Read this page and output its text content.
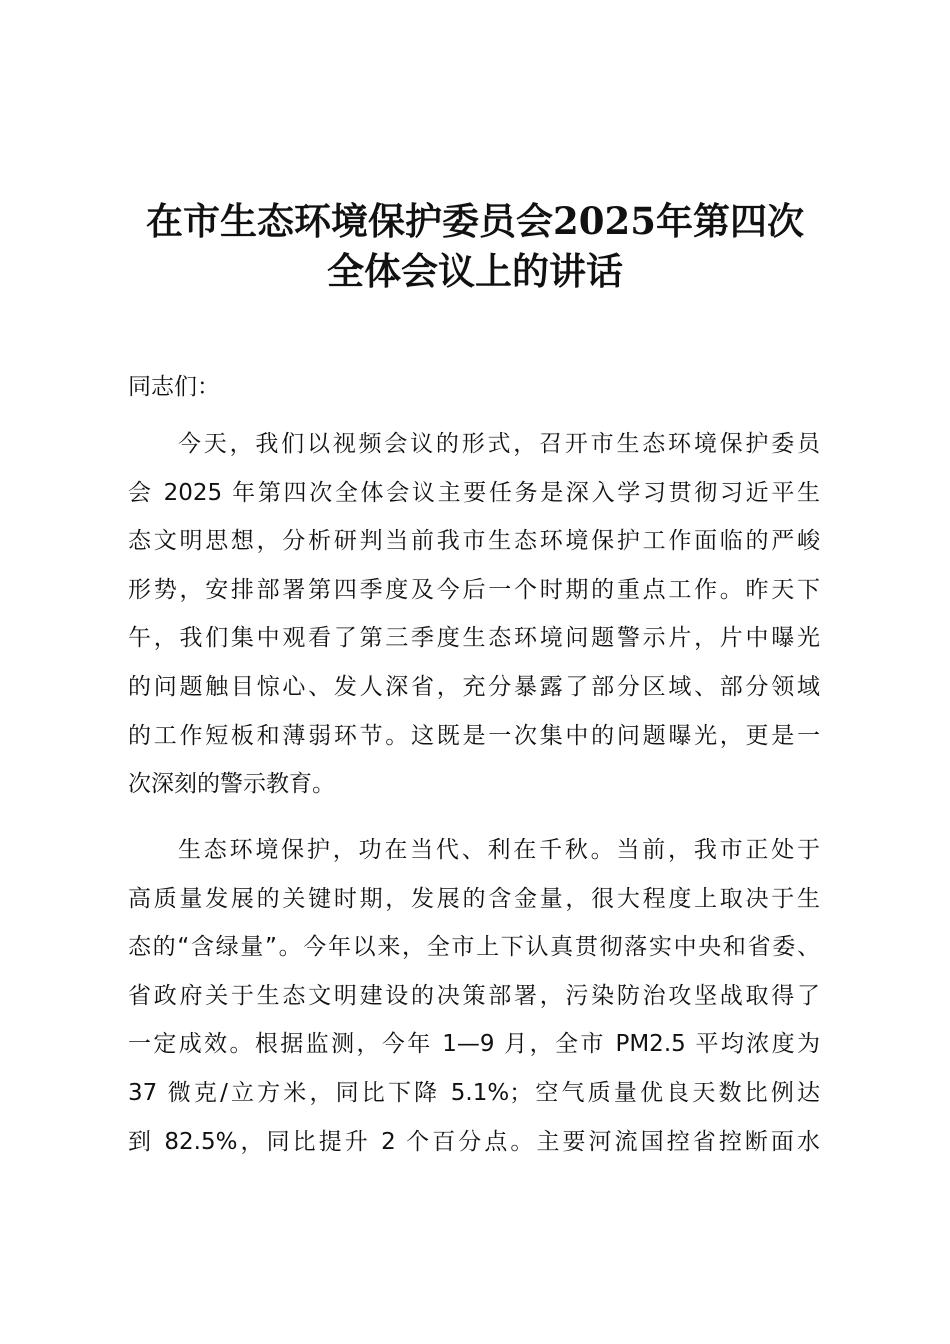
在市生态环境保护委员会2025年第四次
全体会议上的讲话
同志们：
今天，我们以视频会议的形式，召开市生态环境保护委员
会 2025 年第四次全体会议主要任务是深入学习贯彻习近平生
态文明思想，分析研判当前我市生态环境保护工作面临的严峻
形势，安排部署第四季度及今后一个时期的重点工作。昨天下
午，我们集中观看了第三季度生态环境问题警示片，片中曝光
的问题触目惊心、发人深省，充分暴露了部分区域、部分领域
的工作短板和薄弱环节。这既是一次集中的问题曝光，更是一
次深刻的警示教育。
生态环境保护，功在当代、利在千秋。当前，我市正处于
高质量发展的关键时期，发展的含金量，很大程度上取决于生
态的“含绿量”。今年以来，全市上下认真贯彻落实中央和省委、
省政府关于生态文明建设的决策部署，污染防治攻坚战取得了
一定成效。根据监测，今年 1—9 月，全市 PM2.5 平均浓度为
37 微克/立方米，同比下降 5.1%；空气质量优良天数比例达
到 82.5%，同比提升 2 个百分点。主要河流国控省控断面水
